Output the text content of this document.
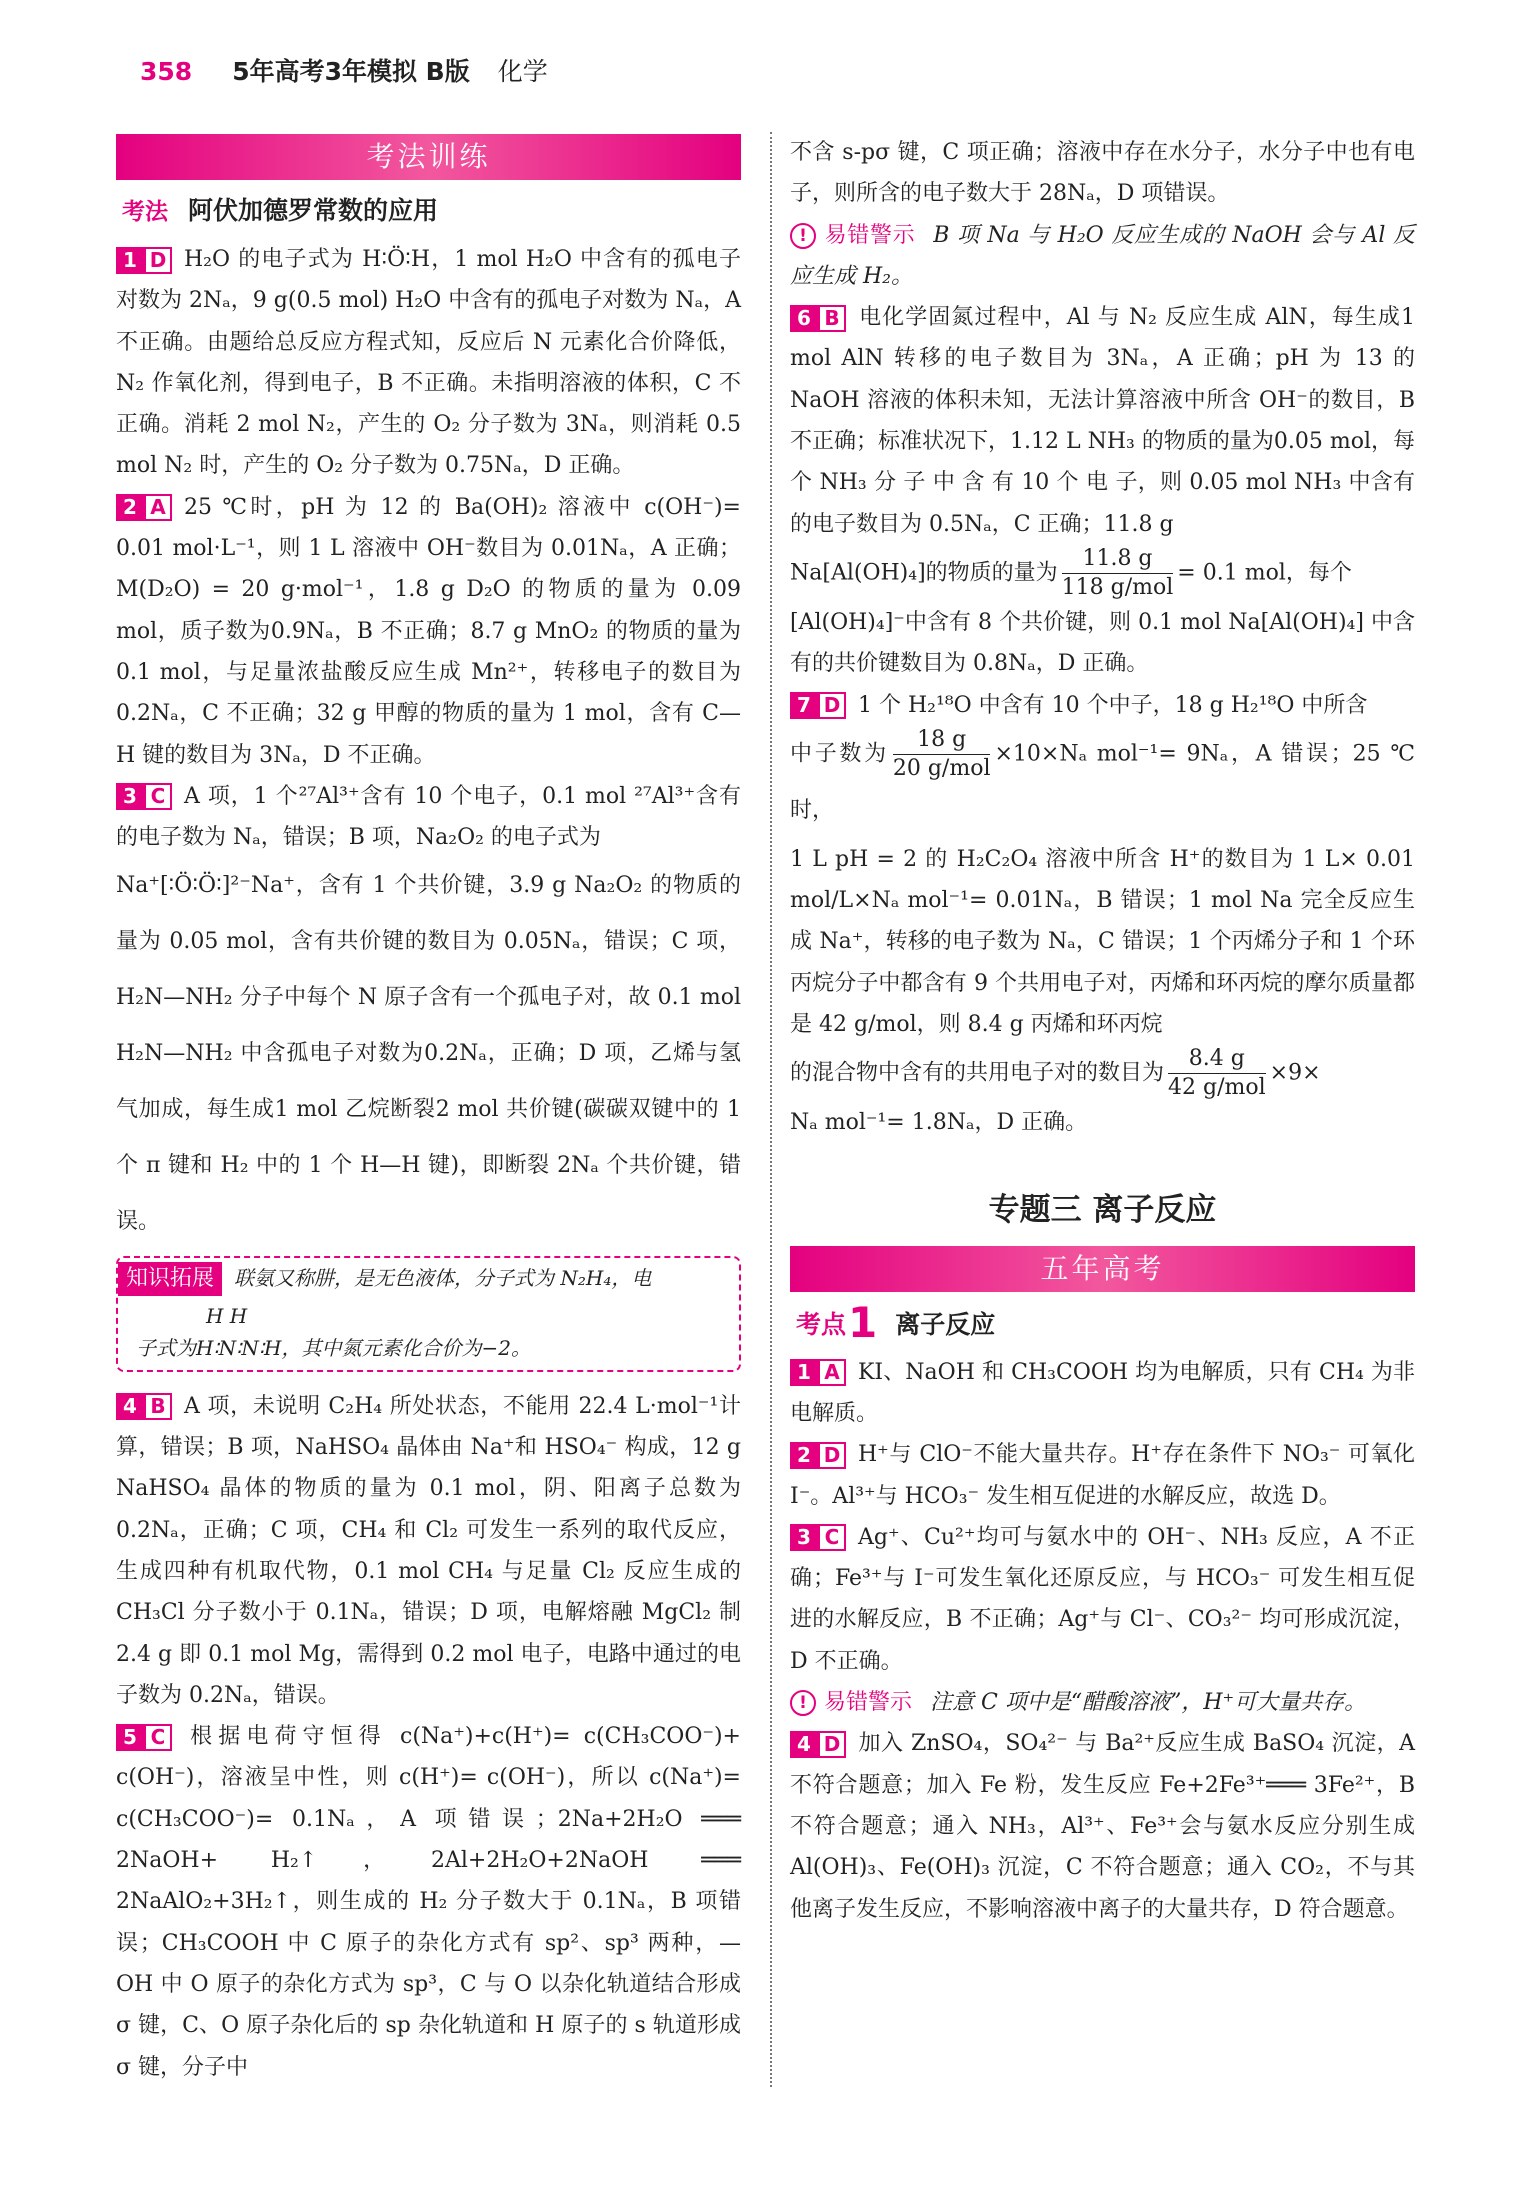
358 5年高考3年模拟 B版 化学
考法训练
考法 阿伏加德罗常数的应用

1 D H₂O 的电子式为 H∶Ö∶H，1 mol H₂O 中含有的孤电子对数为 2Nₐ，9 g(0.5 mol) H₂O 中含有的孤电子对数为 Nₐ，A 不正确。由题给总反应方程式知，反应后 N 元素化合价降低，N₂ 作氧化剂，得到电子，B 不正确。未指明溶液的体积，C 不正确。消耗 2 mol N₂，产生的 O₂ 分子数为 3Nₐ，则消耗 0.5 mol N₂ 时，产生的 O₂ 分子数为 0.75Nₐ，D 正确。

2 A 25 ℃时，pH 为 12 的 Ba(OH)₂ 溶液中 c(OH⁻)= 0.01 mol·L⁻¹，则 1 L 溶液中 OH⁻数目为 0.01Nₐ，A 正确；M(D₂O) = 20 g·mol⁻¹，1.8 g D₂O 的物质的量为 0.09 mol，质子数为0.9Nₐ，B 不正确；8.7 g MnO₂ 的物质的量为0.1 mol，与足量浓盐酸反应生成 Mn²⁺，转移电子的数目为 0.2Nₐ，C 不正确；32 g 甲醇的物质的量为 1 mol，含有 C—H 键的数目为 3Nₐ，D 不正确。

3 C A 项，1 个²⁷Al³⁺含有 10 个电子，0.1 mol ²⁷Al³⁺含有的电子数为 Nₐ，错误；B 项，Na₂O₂ 的电子式为

Na⁺[∶Ö∶Ö∶]²⁻Na⁺，含有 1 个共价键，3.9 g Na₂O₂ 的物质的量为 0.05 mol，含有共价键的数目为 0.05Nₐ，错误；C 项，H₂N—NH₂ 分子中每个 N 原子含有一个孤电子对，故 0.1 mol H₂N—NH₂ 中含孤电子对数为0.2Nₐ，正确；D 项，乙烯与氢气加成，每生成1 mol 乙烷断裂2 mol 共价键(碳碳双键中的 1 个 π 键和 H₂ 中的 1 个 H—H 键)，即断裂 2Nₐ 个共价键，错误。

知识拓展 联氨又称肼，是无色液体，分子式为 N₂H₄，电
H H
子式为H∶N∶N∶H，其中氮元素化合价为−2。

4 B A 项，未说明 C₂H₄ 所处状态，不能用 22.4 L·mol⁻¹计算，错误；B 项，NaHSO₄ 晶体由 Na⁺和 HSO₄⁻ 构成，12 g NaHSO₄ 晶体的物质的量为 0.1 mol，阴、阳离子总数为 0.2Nₐ，正确；C 项，CH₄ 和 Cl₂ 可发生一系列的取代反应，生成四种有机取代物，0.1 mol CH₄ 与足量 Cl₂ 反应生成的 CH₃Cl 分子数小于 0.1Nₐ，错误；D 项，电解熔融 MgCl₂ 制 2.4 g 即 0.1 mol Mg，需得到 0.2 mol 电子，电路中通过的电子数为 0.2Nₐ，错误。

5 C 根据电荷守恒得 c(Na⁺)+c(H⁺)= c(CH₃COO⁻)+ c(OH⁻)，溶液呈中性，则 c(H⁺)= c(OH⁻)，所以 c(Na⁺)= c(CH₃COO⁻)= 0.1Nₐ，A 项错误；2Na+2H₂O ═══ 2NaOH+ H₂↑，2Al+2H₂O+2NaOH ═══ 2NaAlO₂+3H₂↑，则生成的 H₂ 分子数大于 0.1Nₐ，B 项错误；CH₃COOH 中 C 原子的杂化方式有 sp²、sp³ 两种，—OH 中 O 原子的杂化方式为 sp³，C 与 O 以杂化轨道结合形成 σ 键，C、O 原子杂化后的 sp 杂化轨道和 H 原子的 s 轨道形成 σ 键，分子中

不含 s-pσ 键，C 项正确；溶液中存在水分子，水分子中也有电子，则所含的电子数大于 28Nₐ，D 项错误。

! 易错警示 B 项 Na 与 H₂O 反应生成的 NaOH 会与 Al 反应生成 H₂。

6 B 电化学固氮过程中，Al 与 N₂ 反应生成 AlN，每生成1 mol AlN 转移的电子数目为 3Nₐ，A 正确；pH 为 13 的 NaOH 溶液的体积未知，无法计算溶液中所含 OH⁻的数目，B 不正确；标准状况下，1.12 L NH₃ 的物质的量为0.05 mol，每 个 NH₃ 分 子 中 含 有 10 个 电 子，则 0.05 mol NH₃ 中含有的电子数目为 0.5Nₐ，C 正确；11.8 g

Na[Al(OH)₄]的物质的量为 $\frac{11.8 g}{\text{118 g/mol}} = 0.1$ mol，每个

[Al(OH)₄]⁻中含有 8 个共价键，则 0.1 mol Na[Al(OH)₄] 中含有的共价键数目为 0.8Nₐ，D 正确。

7 D 1 个 H₂¹⁸O 中含有 10 个中子，18 g H₂¹⁸O 中所含

中子数为 $\frac{18 g}{\text{20 g/mol}} \times 10\times N_a$ mol⁻¹= 9Nₐ，A 错误；25 ℃时，

1 L pH = 2 的 H₂C₂O₄ 溶液中所含 H⁺的数目为 1 L× 0.01 mol/L×Nₐ mol⁻¹= 0.01Nₐ，B 错误；1 mol Na 完全反应生成 Na⁺，转移的电子数为 Nₐ，C 错误；1 个丙烯分子和 1 个环丙烷分子中都含有 9 个共用电子对，丙烯和环丙烷的摩尔质量都是 42 g/mol，则 8.4 g 丙烯和环丙烷

的混合物中含有的共用电子对的数目为 $\frac{8.4 g}{\text{42 g/mol}} \times 9\times$

Nₐ mol⁻¹= 1.8Nₐ，D 正确。

专题三 离子反应
五年高考
考点1 离子反应

1 A KI、NaOH 和 CH₃COOH 均为电解质，只有 CH₄ 为非电解质。

2 D H⁺与 ClO⁻不能大量共存。H⁺存在条件下 NO₃⁻ 可氧化 I⁻。Al³⁺与 HCO₃⁻ 发生相互促进的水解反应，故选 D。

3 C Ag⁺、Cu²⁺均可与氨水中的 OH⁻、NH₃ 反应，A 不正确；Fe³⁺与 I⁻可发生氧化还原反应，与 HCO₃⁻ 可发生相互促进的水解反应，B 不正确；Ag⁺与 Cl⁻、CO₃²⁻ 均可形成沉淀，D 不正确。

! 易错警示 注意 C 项中是“醋酸溶液”，H⁺可大量共存。

4 D 加入 ZnSO₄，SO₄²⁻ 与 Ba²⁺反应生成 BaSO₄ 沉淀，A 不符合题意；加入 Fe 粉，发生反应 Fe+2Fe³⁺═══ 3Fe²⁺，B 不符合题意；通入 NH₃，Al³⁺、Fe³⁺会与氨水反应分别生成 Al(OH)₃、Fe(OH)₃ 沉淀，C 不符合题意；通入 CO₂，不与其他离子发生反应，不影响溶液中离子的大量共存，D 符合题意。
